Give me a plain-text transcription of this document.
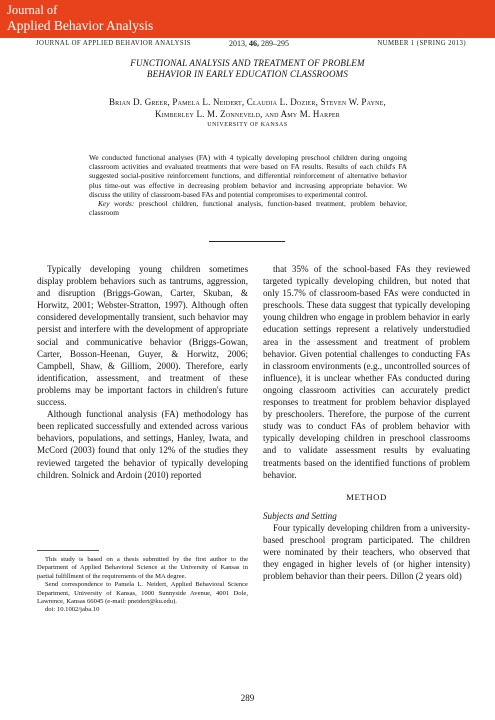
Journal of
Applied Behavior Analysis
JOURNAL OF APPLIED BEHAVIOR ANALYSIS	2013, 46, 289–295	NUMBER 1 (SPRING 2013)
FUNCTIONAL ANALYSIS AND TREATMENT OF PROBLEM
BEHAVIOR IN EARLY EDUCATION CLASSROOMS
Brian D. Greer, Pamela L. Neidert, Claudia L. Dozier, Steven W. Payne,
Kimberley L. M. Zonneveld, and Amy M. Harper
UNIVERSITY OF KANSAS

We conducted functional analyses (FA) with 4 typically developing preschool children during ongoing classroom activities and evaluated treatments that were based on FA results. Results of each child's FA suggested social-positive reinforcement functions, and differential reinforcement of alternative behavior plus time-out was effective in decreasing problem behavior and increasing appropriate behavior. We discuss the utility of classroom-based FAs and potential compromises to experimental control.

Key words: preschool children, functional analysis, function-based treatment, problem behavior, classroom

Typically developing young children sometimes display problem behaviors such as tantrums, aggression, and disruption (Briggs-Gowan, Carter, Skuban, & Horwitz, 2001; Webster-Stratton, 1997). Although often considered developmentally transient, such behavior may persist and interfere with the development of appropriate social and communicative behavior (Briggs-Gowan, Carter, Bosson-Heenan, Guyer, & Horwitz, 2006; Campbell, Shaw, & Gilliom, 2000). Therefore, early identification, assessment, and treatment of these problems may be important factors in children's future success.

Although functional analysis (FA) methodology has been replicated successfully and extended across various behaviors, populations, and settings, Hanley, Iwata, and McCord (2003) found that only 12% of the studies they reviewed targeted the behavior of typically developing children. Solnick and Ardoin (2010) reported

that 35% of the school-based FAs they reviewed targeted typically developing children, but noted that only 15.7% of classroom-based FAs were conducted in preschools. These data suggest that typically developing young children who engage in problem behavior in early education settings represent a relatively understudied area in the assessment and treatment of problem behavior. Given potential challenges to conducting FAs in classroom environments (e.g., uncontrolled sources of influence), it is unclear whether FAs conducted during ongoing classroom activities can accurately predict responses to treatment for problem behavior displayed by preschoolers. Therefore, the purpose of the current study was to conduct FAs of problem behavior with typically developing children in preschool classrooms and to validate assessment results by evaluating treatments based on the identified functions of problem behavior.

METHOD

Subjects and Setting

Four typically developing children from a university-based preschool program participated. The children were nominated by their teachers, who observed that they engaged in higher levels of (or higher intensity) problem behavior than their peers. Dillon (2 years old)

This study is based on a thesis submitted by the first author to the Department of Applied Behavioral Science at the University of Kansas in partial fulfillment of the requirements of the MA degree.

Send correspondence to Pamela L. Neidert, Applied Behavioral Science Department, University of Kansas, 1000 Sunnyside Avenue, 4001 Dole, Lawrence, Kansas 66045 (e-mail: pneidert@ku.edu).

doi: 10.1002/jaba.10

289
